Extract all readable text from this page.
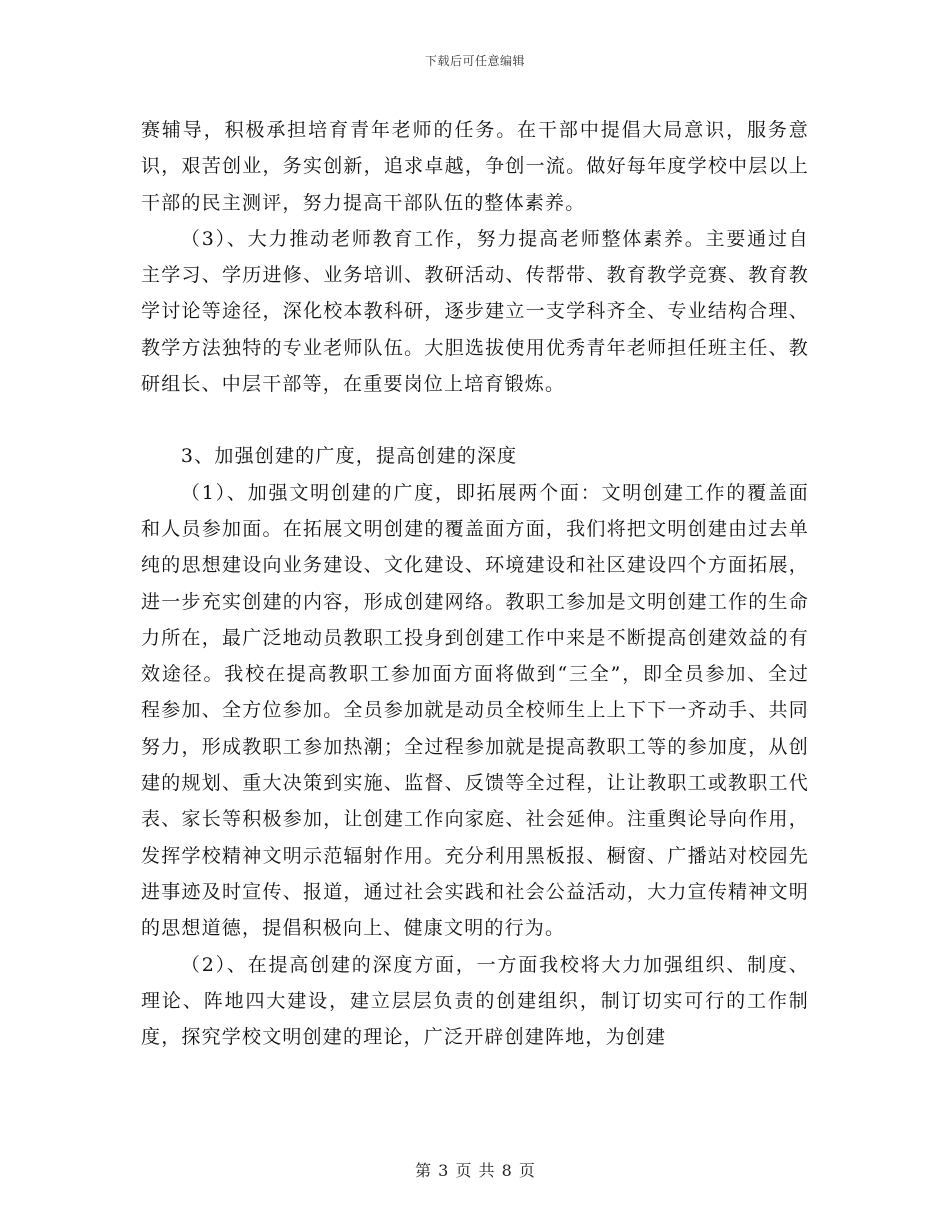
下载后可任意编辑

赛辅导，积极承担培育青年老师的任务。在干部中提倡大局意识，服务意识，艰苦创业，务实创新，追求卓越，争创一流。做好每年度学校中层以上干部的民主测评，努力提高干部队伍的整体素养。

（3）、大力推动老师教育工作，努力提高老师整体素养。主要通过自主学习、学历进修、业务培训、教研活动、传帮带、教育教学竞赛、教育教学讨论等途径，深化校本教科研，逐步建立一支学科齐全、专业结构合理、教学方法独特的专业老师队伍。大胆选拔使用优秀青年老师担任班主任、教研组长、中层干部等，在重要岗位上培育锻炼。

3、加强创建的广度，提高创建的深度

（1）、加强文明创建的广度，即拓展两个面：文明创建工作的覆盖面和人员参加面。在拓展文明创建的覆盖面方面，我们将把文明创建由过去单纯的思想建设向业务建设、文化建设、环境建设和社区建设四个方面拓展，进一步充实创建的内容，形成创建网络。教职工参加是文明创建工作的生命力所在，最广泛地动员教职工投身到创建工作中来是不断提高创建效益的有效途径。我校在提高教职工参加面方面将做到“三全”，即全员参加、全过程参加、全方位参加。全员参加就是动员全校师生上上下下一齐动手、共同努力，形成教职工参加热潮；全过程参加就是提高教职工等的参加度，从创建的规划、重大决策到实施、监督、反馈等全过程，让让教职工或教职工代表、家长等积极参加，让创建工作向家庭、社会延伸。注重舆论导向作用，发挥学校精神文明示范辐射作用。充分利用黑板报、橱窗、广播站对校园先进事迹及时宣传、报道，通过社会实践和社会公益活动，大力宣传精神文明的思想道德，提倡积极向上、健康文明的行为。

（2）、在提高创建的深度方面，一方面我校将大力加强组织、制度、理论、阵地四大建设，建立层层负责的创建组织，制订切实可行的工作制度，探究学校文明创建的理论，广泛开辟创建阵地，为创建

第 3 页 共 8 页
